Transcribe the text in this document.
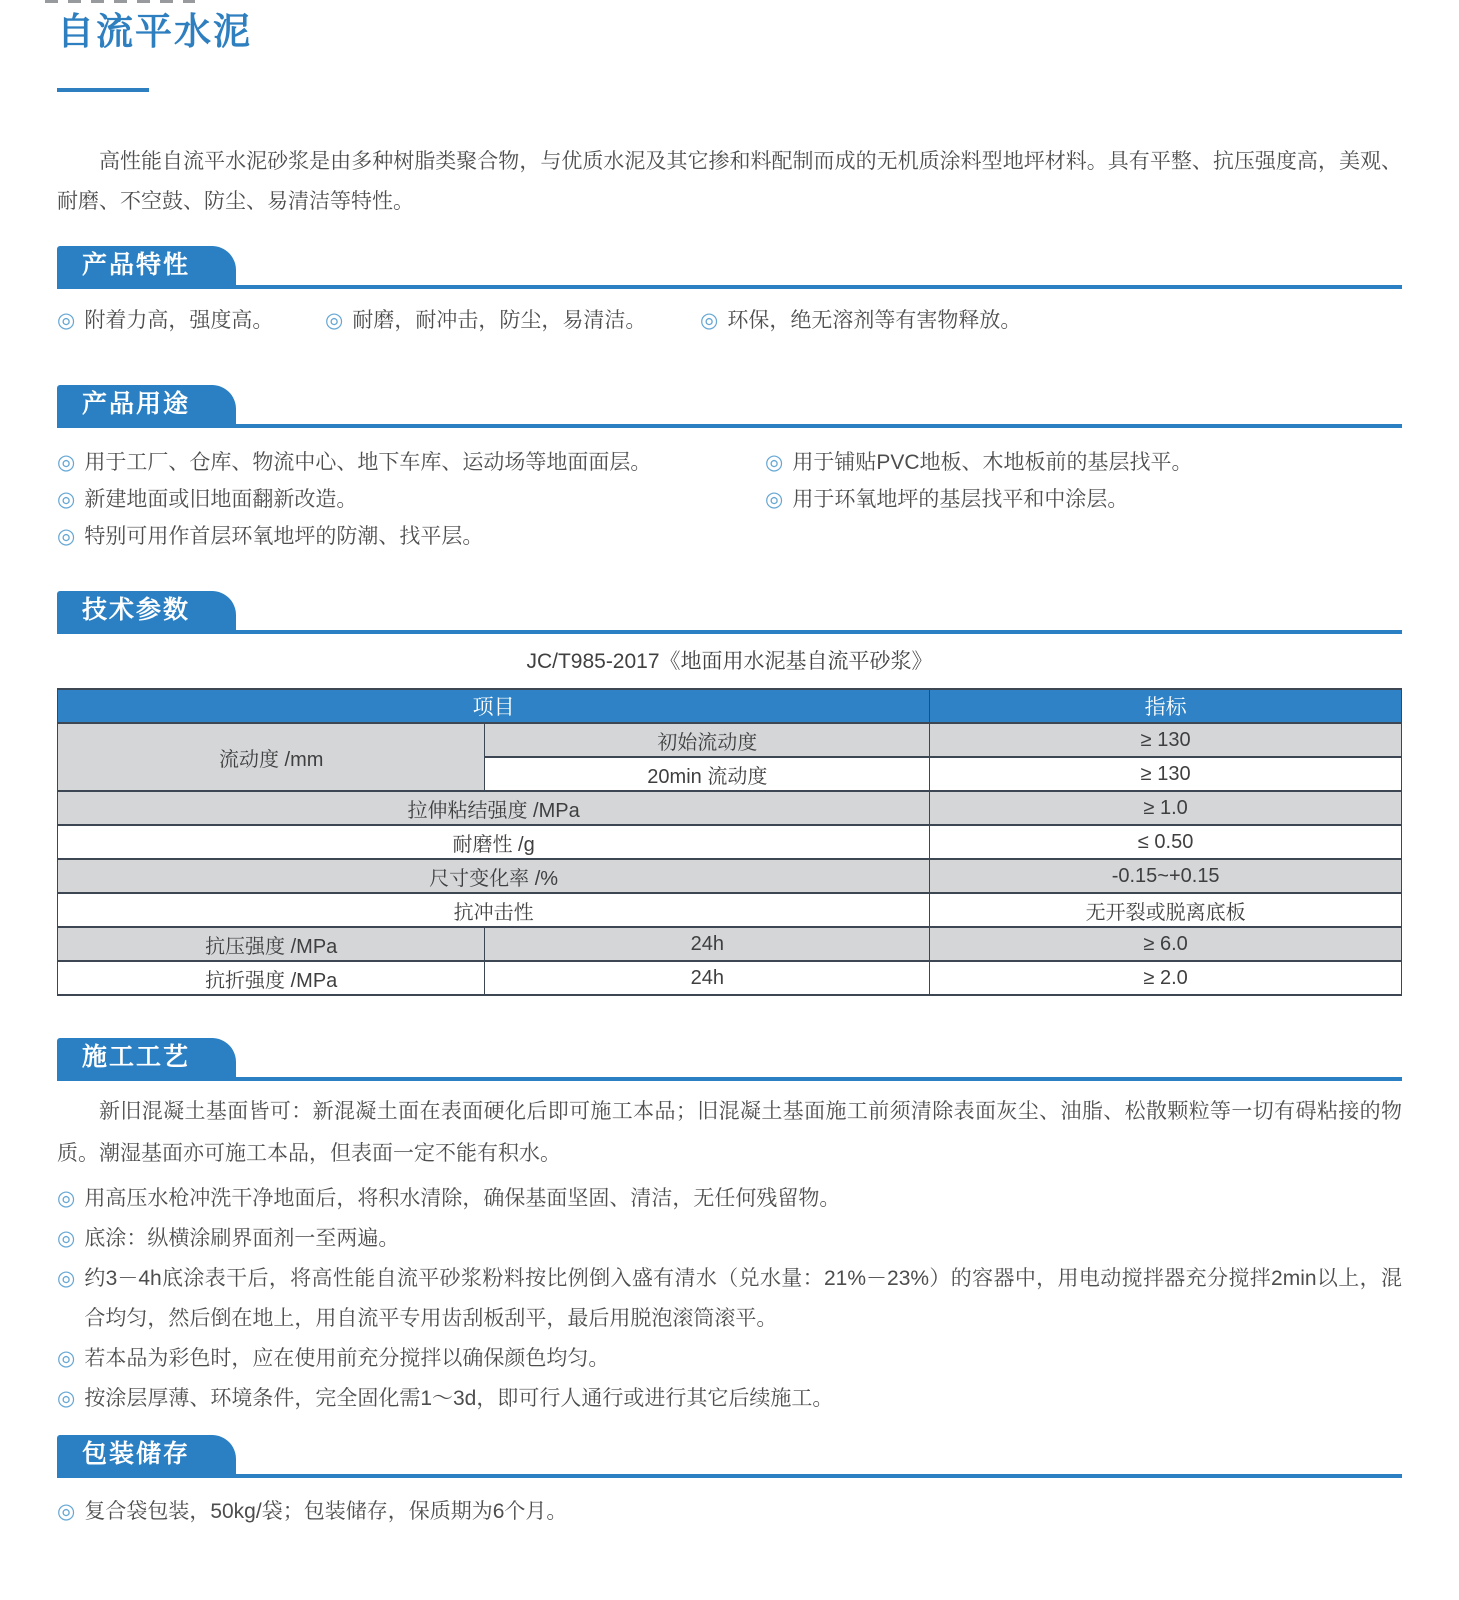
自流平水泥

高性能自流平水泥砂浆是由多种树脂类聚合物，与优质水泥及其它掺和料配制而成的无机质涂料型地坪材料。具有平整、抗压强度高，美观、耐磨、不空鼓、防尘、易清洁等特性。

产品特性
◎ 附着力高，强度高。 ◎ 耐磨，耐冲击，防尘，易清洁。	◎ 环保，绝无溶剂等有害物释放。
产品用途
◎ 用于工厂、仓库、物流中心、地下车库、运动场等地面面层。
◎ 新建地面或旧地面翻新改造。
◎ 特别可用作首层环氧地坪的防潮、找平层。
◎ 用于铺贴PVC地板、木地板前的基层找平。
◎ 用于环氧地坪的基层找平和中涂层。
技术参数
JC/T985-2017《地面用水泥基自流平砂浆》
项目		指标
流动度 /mm	初始流动度	≥ 130
	20min 流动度	≥ 130
拉伸粘结强度 /MPa		≥ 1.0
耐磨性 /g		≤ 0.50
尺寸变化率 /%		-0.15~+0.15
抗冲击性		无开裂或脱离底板
抗压强度 /MPa	24h	≥ 6.0
抗折强度 /MPa	24h	≥ 2.0
施工工艺

新旧混凝土基面皆可：新混凝土面在表面硬化后即可施工本品；旧混凝土基面施工前须清除表面灰尘、油脂、松散颗粒等一切有碍粘接的物质。潮湿基面亦可施工本品，但表面一定不能有积水。

◎ 用高压水枪冲洗干净地面后，将积水清除，确保基面坚固、清洁，无任何残留物。
◎ 底涂：纵横涂刷界面剂一至两遍。
◎ 约3－4h底涂表干后，将高性能自流平砂浆粉料按比例倒入盛有清水（兑水量：21%－23%）的容器中，用电动搅拌器充分搅拌2min以上，混合均匀，然后倒在地上，用自流平专用齿刮板刮平，最后用脱泡滚筒滚平。
◎ 若本品为彩色时，应在使用前充分搅拌以确保颜色均匀。
◎ 按涂层厚薄、环境条件，完全固化需1～3d，即可行人通行或进行其它后续施工。
包装储存
◎ 复合袋包装，50kg/袋；包装储存，保质期为6个月。
